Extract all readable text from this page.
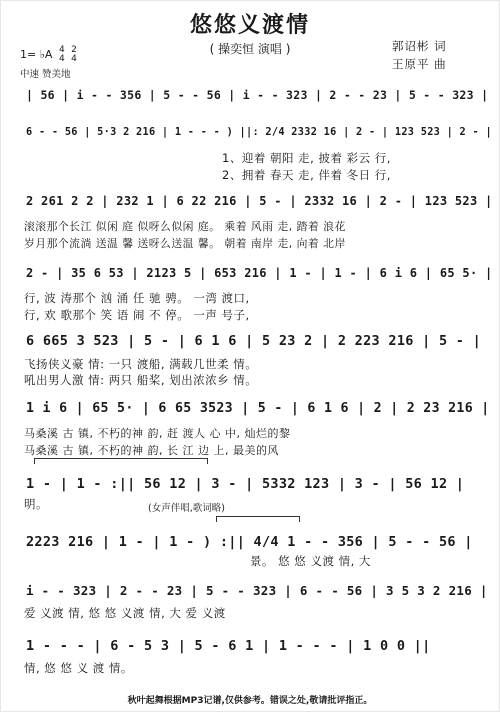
悠悠义渡情
( 操奕恒 演唱 )	郭诏彬 词
王原平 曲
1= ♭A 4
4

2
4
中速 赞美地
| 56 | i - - 356 | 5 - - 56 | i - - 323 | 2 - - 23 | 5 - - 323 |
6 - - 56 | 5·3 2 216 | 1 - - - ) ||: 2/4 2332 16 | 2 - | 123 523 | 2 - |
1、迎着 朝阳 走, 披着 彩云 行,
2、拥着 春天 走, 伴着 冬日 行,
2 261 2 2 | 232 1 | 6 22 216 | 5 - | 2332 16 | 2 - | 123 523 |
滚滚那个长江 似闲 庭 似呀么似闲 庭。 乘着 风雨 走, 踏着 浪花
岁月那个流淌 送温 馨 送呀么送温 馨。 朝着 南岸 走, 向着 北岸
2 - | 35 6 53 | 2123 5 | 653 216 | 1 - | 1 - | 6 i 6 | 65 5· |
行, 波 涛那个 汹 涌 任 驰 骋。 一湾 渡口,
行, 欢 歌那个 笑 语 闹 不 停。 一声 号子,
6 665 3 523 | 5 - | 6 1 6 | 5 23 2 | 2 223 216 | 5 - |
飞扬侠义豪 情: 一只 渡船, 满载几世柔 情。
吼出男人激 情: 两只 船桨, 划出浓浓乡 情。
1 i 6 | 65 5· | 6 65 3523 | 5 - | 6 1 6 | 2 | 2 23 216 |
马桑溪 古 镇, 不朽的神 韵, 赶 渡人 心 中, 灿烂的黎
马桑溪 古 镇, 不朽的神 韵, 长 江 边 上, 最美的风
1 - | 1 - :|| 56 12 | 3 - | 5332 123 | 3 - | 56 12 |
明。	(女声伴唱,歌词略)
2223 216 | 1 - | 1 - ) :|| 4/4 1 - - 356 | 5 - - 56 |
景。 悠 悠 义渡 情, 大
i - - 323 | 2 - - 23 | 5 - - 323 | 6 - - 56 | 3 5 3 2 216 |
爱 义渡 情, 悠 悠 义渡 情, 大 爱 义渡
1 - - - | 6 - 5 3 | 5 - 6 1 | 1 - - - | 1 0 0 ||
情, 悠 悠 义 渡 情。
秋叶起舞根据MP3记谱,仅供参考。错误之处,敬请批评指正。
